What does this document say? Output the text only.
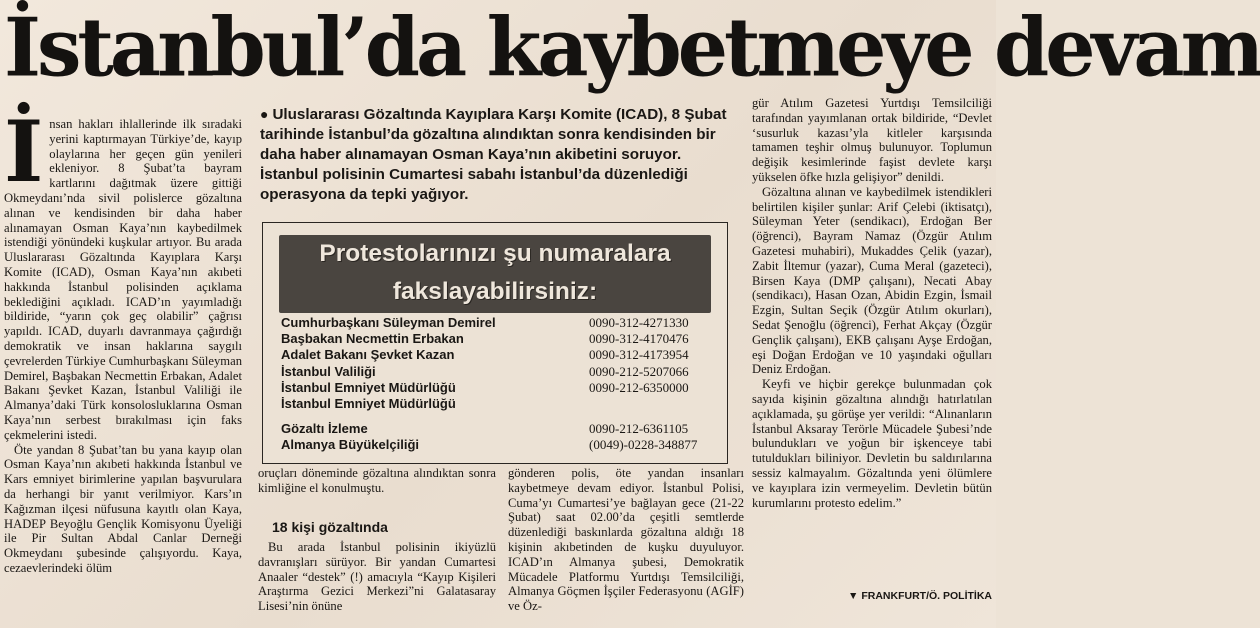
İstanbul’da kaybetmeye devam
İ nsan hakları ihlallerinde ilk sıradaki yerini kaptırmayan Türkiye’de, kayıp olaylarına her geçen gün yenileri ekleniyor. 8 Şubat’ta bayram kartlarını dağıtmak üzere gittiği Okmeydanı’nda sivil polislerce gözaltına alınan ve kendisinden bir daha haber alınamayan Osman Kaya’nın kaybedilmek istendiği yönündeki kuşkular artıyor. Bu arada Uluslararası Gözaltında Kayıplara Karşı Komite (ICAD), Osman Kaya’nın akıbeti hakkında İstanbul polisinden açıklama beklediğini açıkladı. ICAD’ın yayımladığı bildiride, “yarın çok geç olabilir” çağrısı yapıldı. ICAD, duyarlı davranmaya çağırdığı demokratik ve insan haklarına saygılı çevrelerden Türkiye Cumhurbaşkanı Süleyman Demirel, Başbakan Necmettin Erbakan, Adalet Bakanı Şevket Kazan, İstanbul Valiliği ile Almanya’daki Türk konsolosluklarına Osman Kaya’nın serbest bırakılması için faks çekmelerini istedi.

Öte yandan 8 Şubat’tan bu yana kayıp olan Osman Kaya’nın akıbeti hakkında İstanbul ve Kars emniyet birimlerine yapılan başvurulara da herhangi bir yanıt verilmiyor. Kars’ın Kağızman ilçesi nüfusuna kayıtlı olan Kaya, HADEP Beyoğlu Gençlik Komisyonu Üyeliği ile Pir Sultan Abdal Canlar Derneği Okmeydanı şubesinde çalışıyordu. Kaya, cezaevlerindeki ölüm

● Uluslararası Gözaltında Kayıplara Karşı Komite (ICAD), 8 Şubat tarihinde İstanbul’da gözaltına alındıktan sonra kendisinden bir daha haber alınamayan Osman Kaya’nın akibetini soruyor. İstanbul polisinin Cumartesi sabahı İstanbul’da düzenlediği operasyona da tepki yağıyor.
Protestolarınızı şu numaralara
fakslayabilirsiniz:
Cumhurbaşkanı Süleyman Demirel	0090-312-4271330
Başbakan Necmettin Erbakan	0090-312-4170476
Adalet Bakanı Şevket Kazan	0090-312-4173954
İstanbul Valiliği	0090-212-5207066
İstanbul Emniyet Müdürlüğü	0090-212-6350000
İstanbul Emniyet Müdürlüğü
Gözaltı İzleme	0090-212-6361105
Almanya Büyükelçiliği	(0049)-0228-348877

oruçları döneminde gözaltına alındıktan sonra kimliğine el konulmuştu.

18 kişi gözaltında

Bu arada İstanbul polisinin ikiyüzlü davranışları sürüyor. Bir yandan Cumartesi Anaaler “destek” (!) amacıyla “Kayıp Kişileri Araştırma Gezici Merkezi”ni Galatasaray Lisesi’nin önüne

gönderen polis, öte yandan insanları kaybetmeye devam ediyor. İstanbul Polisi, Cuma’yı Cumartesi’ye bağlayan gece (21-22 Şubat) saat 02.00’da çeşitli semtlerde düzenlediği baskınlarda gözaltına aldığı 18 kişinin akıbetinden de kuşku duyuluyor. ICAD’ın Almanya şubesi, Demokratik Mücadele Platformu Yurtdışı Temsilciliği, Almanya Göçmen İşçiler Federasyonu (AGİF) ve Öz-

gür Atılım Gazetesi Yurtdışı Temsilciliği tarafından yayımlanan ortak bildiride, “Devlet ‘susurluk kazası’yla kitleler karşısında tamamen teşhir olmuş bulunuyor. Toplumun değişik kesimlerinde faşist devlete karşı yükselen öfke hızla gelişiyor” denildi.

Gözaltına alınan ve kaybedilmek istendikleri belirtilen kişiler şunlar: Arif Çelebi (iktisatçı), Süleyman Yeter (sendikacı), Erdoğan Ber (öğrenci), Bayram Namaz (Özgür Atılım Gazetesi muhabiri), Mukaddes Çelik (yazar), Zabit İltemur (yazar), Cuma Meral (gazeteci), Birsen Kaya (DMP çalışanı), Necati Abay (sendikacı), Hasan Ozan, Abidin Ezgin, İsmail Ezgin, Sultan Seçik (Özgür Atılım okurları), Sedat Şenoğlu (öğrenci), Ferhat Akçay (Özgür Gençlik çalışanı), EKB çalışanı Ayşe Erdoğan, eşi Doğan Erdoğan ve 10 yaşındaki oğulları Deniz Erdoğan.

Keyfi ve hiçbir gerekçe bulunmadan çok sayıda kişinin gözaltına alındığı hatırlatılan açıklamada, şu görüşe yer verildi: “Alınanların İstanbul Aksaray Terörle Mücadele Şubesi’nde bulundukları ve yoğun bir işkenceye tabi tutuldukları biliniyor. Devletin bu saldırılarına sessiz kalmayalım. Gözaltında yeni ölümlere ve kayıplara izin vermeyelim. Devletin bütün kurumlarını protesto edelim.”

▼ FRANKFURT/Ö. POLİTİKA
